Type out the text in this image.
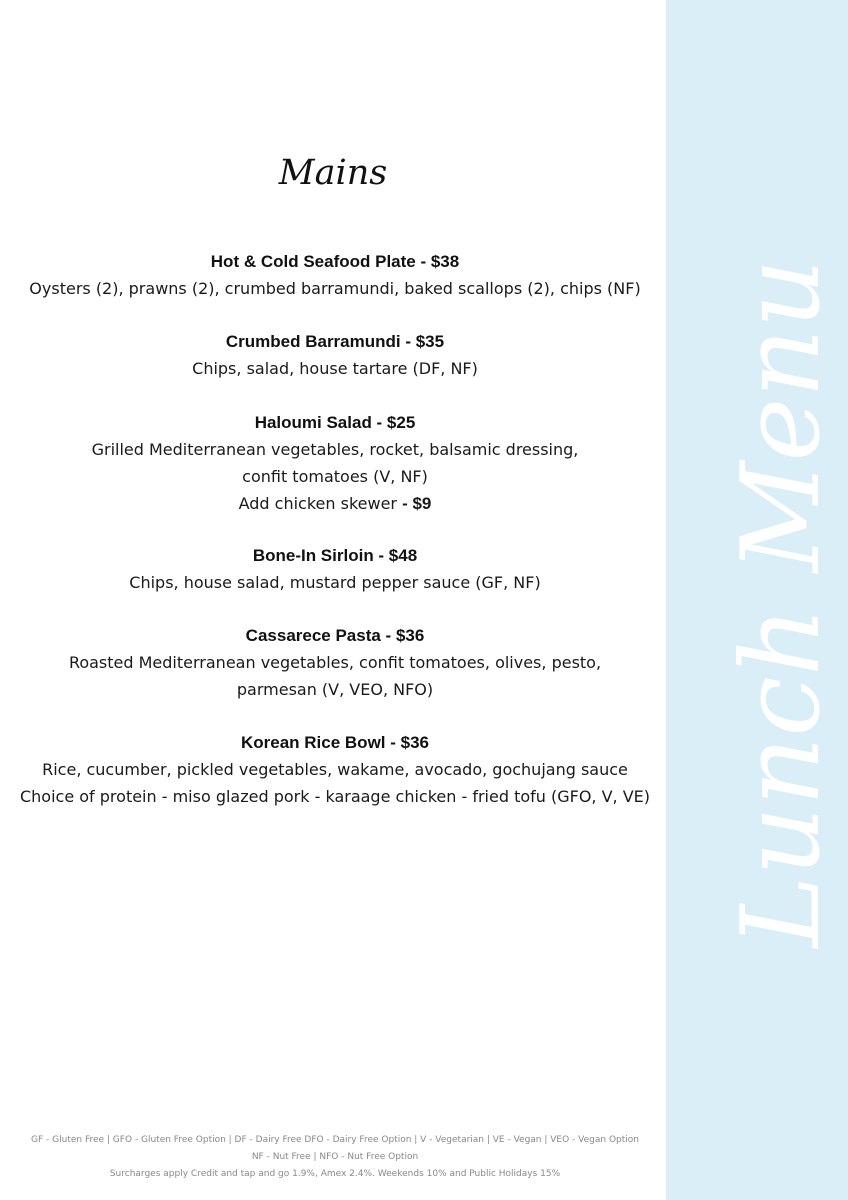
Lunch Menu
Mains
Hot & Cold Seafood Plate - $38
Oysters (2), prawns (2), crumbed barramundi, baked scallops (2), chips (NF)
Crumbed Barramundi - $35
Chips, salad, house tartare (DF, NF)
Haloumi Salad - $25
Grilled Mediterranean vegetables, rocket, balsamic dressing,
confit tomatoes (V, NF)
Add chicken skewer - $9
Bone-In Sirloin - $48
Chips, house salad, mustard pepper sauce (GF, NF)
Cassarece Pasta - $36
Roasted Mediterranean vegetables, confit tomatoes, olives, pesto,
parmesan (V, VEO, NFO)
Korean Rice Bowl - $36
Rice, cucumber, pickled vegetables, wakame, avocado, gochujang sauce
Choice of protein - miso glazed pork - karaage chicken - fried tofu (GFO, V, VE)
GF - Gluten Free | GFO - Gluten Free Option | DF - Dairy Free DFO - Dairy Free Option | V - Vegetarian | VE - Vegan | VEO - Vegan Option
NF - Nut Free | NFO - Nut Free Option
Surcharges apply Credit and tap and go 1.9%, Amex 2.4%. Weekends 10% and Public Holidays 15%
